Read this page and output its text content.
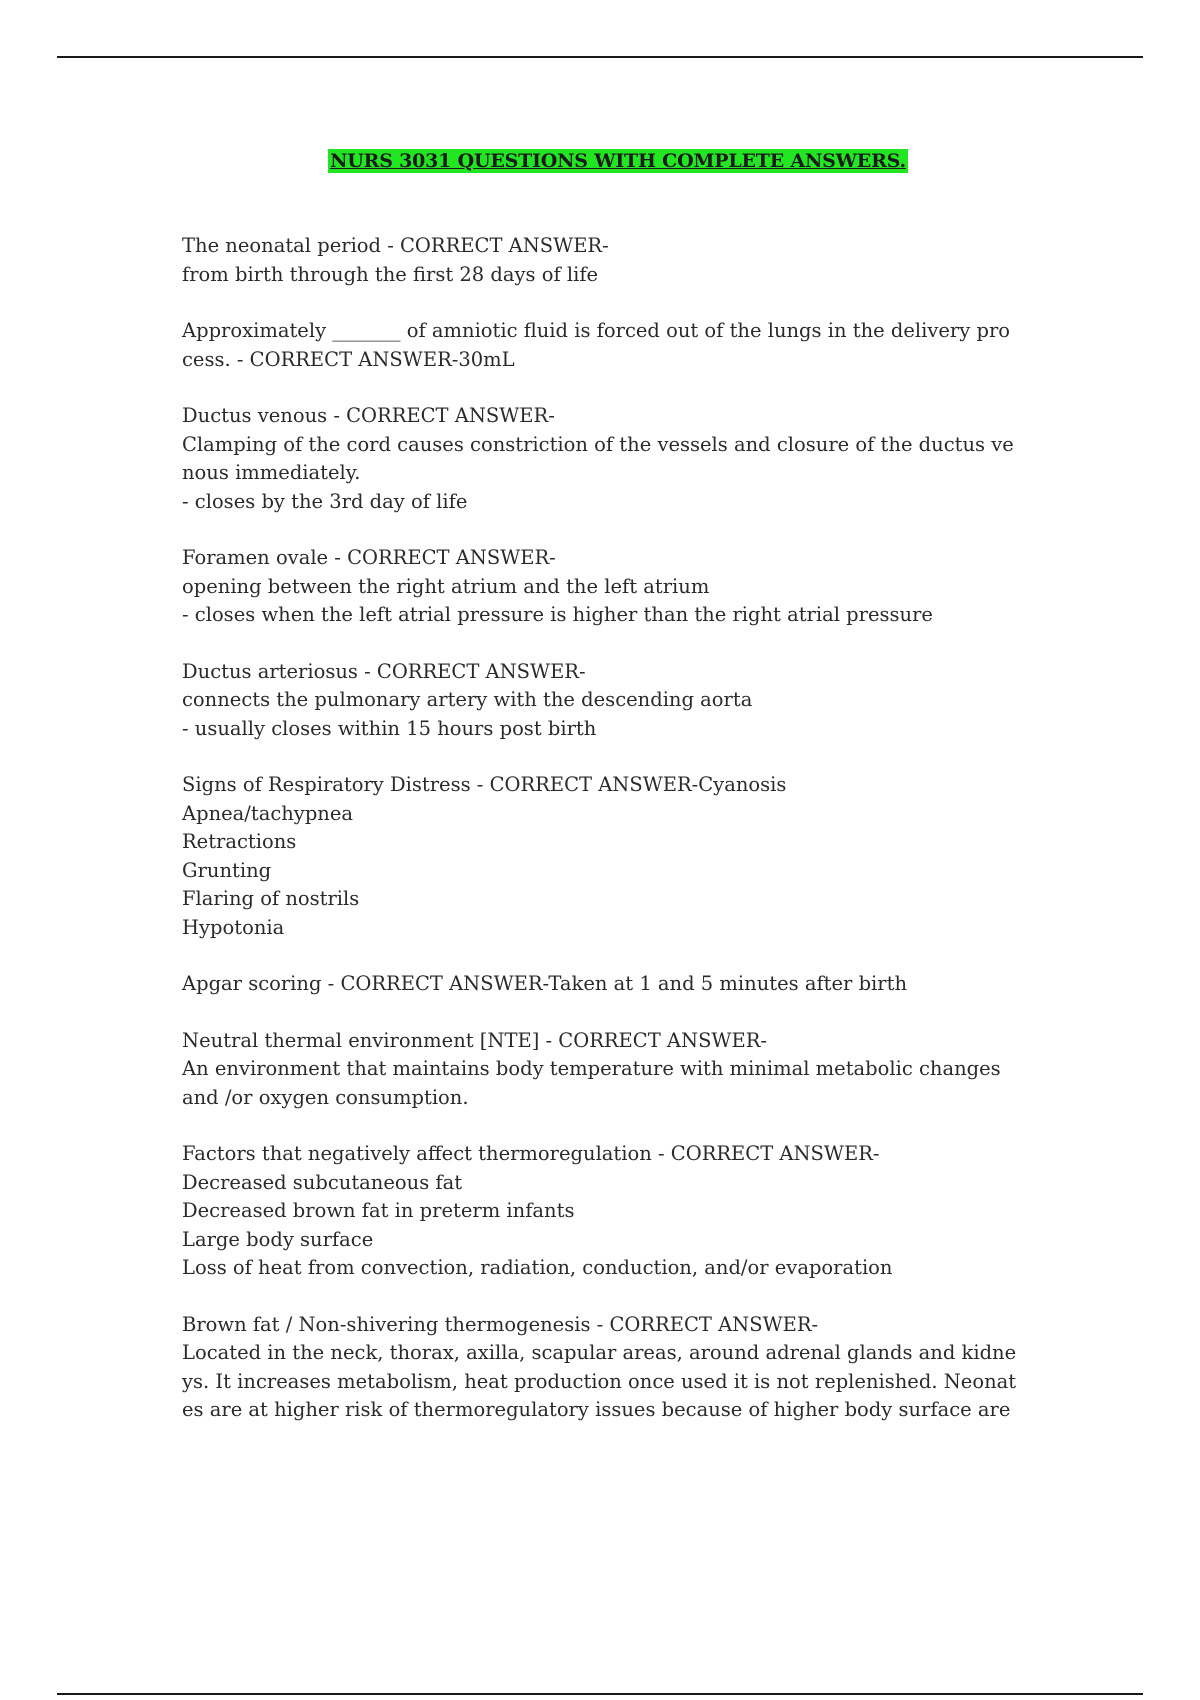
NURS 3031 QUESTIONS WITH COMPLETE ANSWERS.
The neonatal period - CORRECT ANSWER-
from birth through the first 28 days of life
Approximately _______ of amniotic fluid is forced out of the lungs in the delivery pro
cess. - CORRECT ANSWER-30mL
Ductus venous - CORRECT ANSWER-
Clamping of the cord causes constriction of the vessels and closure of the ductus ve
nous immediately.
- closes by the 3rd day of life
Foramen ovale - CORRECT ANSWER-
opening between the right atrium and the left atrium
- closes when the left atrial pressure is higher than the right atrial pressure
Ductus arteriosus - CORRECT ANSWER-
connects the pulmonary artery with the descending aorta
- usually closes within 15 hours post birth
Signs of Respiratory Distress - CORRECT ANSWER-Cyanosis
Apnea/tachypnea
Retractions
Grunting
Flaring of nostrils
Hypotonia
Apgar scoring - CORRECT ANSWER-Taken at 1 and 5 minutes after birth
Neutral thermal environment [NTE] - CORRECT ANSWER-
An environment that maintains body temperature with minimal metabolic changes
and /or oxygen consumption.
Factors that negatively affect thermoregulation - CORRECT ANSWER-
Decreased subcutaneous fat
Decreased brown fat in preterm infants
Large body surface
Loss of heat from convection, radiation, conduction, and/or evaporation
Brown fat / Non-shivering thermogenesis - CORRECT ANSWER-
Located in the neck, thorax, axilla, scapular areas, around adrenal glands and kidne
ys. It increases metabolism, heat production once used it is not replenished. Neonat
es are at higher risk of thermoregulatory issues because of higher body surface are
